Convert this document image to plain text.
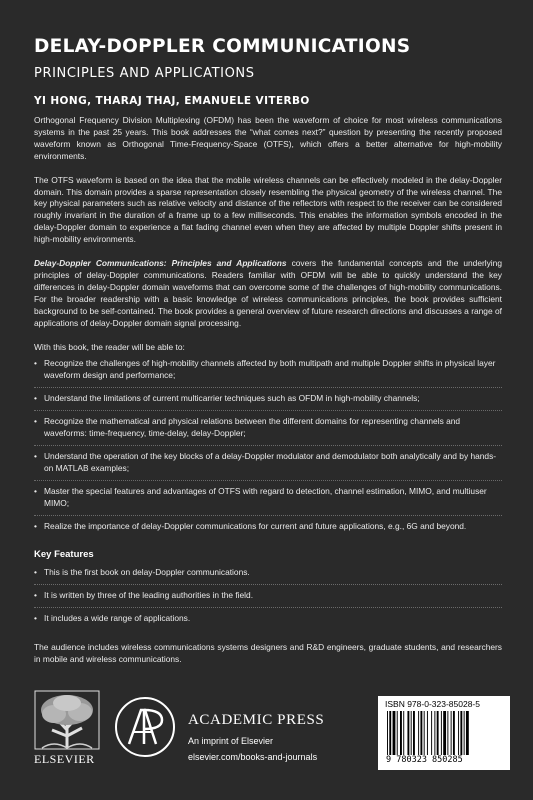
DELAY-DOPPLER COMMUNICATIONS
PRINCIPLES AND APPLICATIONS
YI HONG, THARAJ THAJ, EMANUELE VITERBO

Orthogonal Frequency Division Multiplexing (OFDM) has been the waveform of choice for most wireless communications systems in the past 25 years. This book addresses the “what comes next?” question by presenting the recently proposed waveform known as Orthogonal Time-Frequency-Space (OTFS), which offers a better alternative for high-mobility environments.

The OTFS waveform is based on the idea that the mobile wireless channels can be effectively modeled in the delay-Doppler domain. This domain provides a sparse representation closely resembling the physical geometry of the wireless channel. The key physical parameters such as relative velocity and distance of the reflectors with respect to the receiver can be considered roughly invariant in the duration of a frame up to a few milliseconds. This enables the information symbols encoded in the delay-Doppler domain to experience a flat fading channel even when they are affected by multiple Doppler shifts present in high-mobility environments.

Delay-Doppler Communications: Principles and Applications covers the fundamental concepts and the underlying principles of delay-Doppler communications. Readers familiar with OFDM will be able to quickly understand the key differences in delay-Doppler domain waveforms that can overcome some of the challenges of high-mobility communications. For the broader readership with a basic knowledge of wireless communications principles, the book provides sufficient background to be self-contained. The book provides a general overview of future research directions and discusses a range of applications of delay-Doppler domain signal processing.

With this book, the reader will be able to:

• Recognize the challenges of high-mobility channels affected by both multipath and multiple Doppler shifts in physical layer waveform design and performance;
• Understand the limitations of current multicarrier techniques such as OFDM in high-mobility channels;
• Recognize the mathematical and physical relations between the different domains for representing channels and waveforms: time-frequency, time-delay, delay-Doppler;
• Understand the operation of the key blocks of a delay-Doppler modulator and demodulator both analytically and by hands-on MATLAB examples;
• Master the special features and advantages of OTFS with regard to detection, channel estimation, MIMO, and multiuser MIMO;
• Realize the importance of delay-Doppler communications for current and future applications, e.g., 6G and beyond.
Key Features
• This is the first book on delay-Doppler communications.
• It is written by three of the leading authorities in the field.
• It includes a wide range of applications.

The audience includes wireless communications systems designers and R&D engineers, graduate students, and researchers in mobile and wireless communications.

ELSEVIER
ACADEMIC PRESS
An imprint of Elsevier
elsevier.com/books-and-journals
ISBN 978-0-323-85028-5
9 780323 850285
